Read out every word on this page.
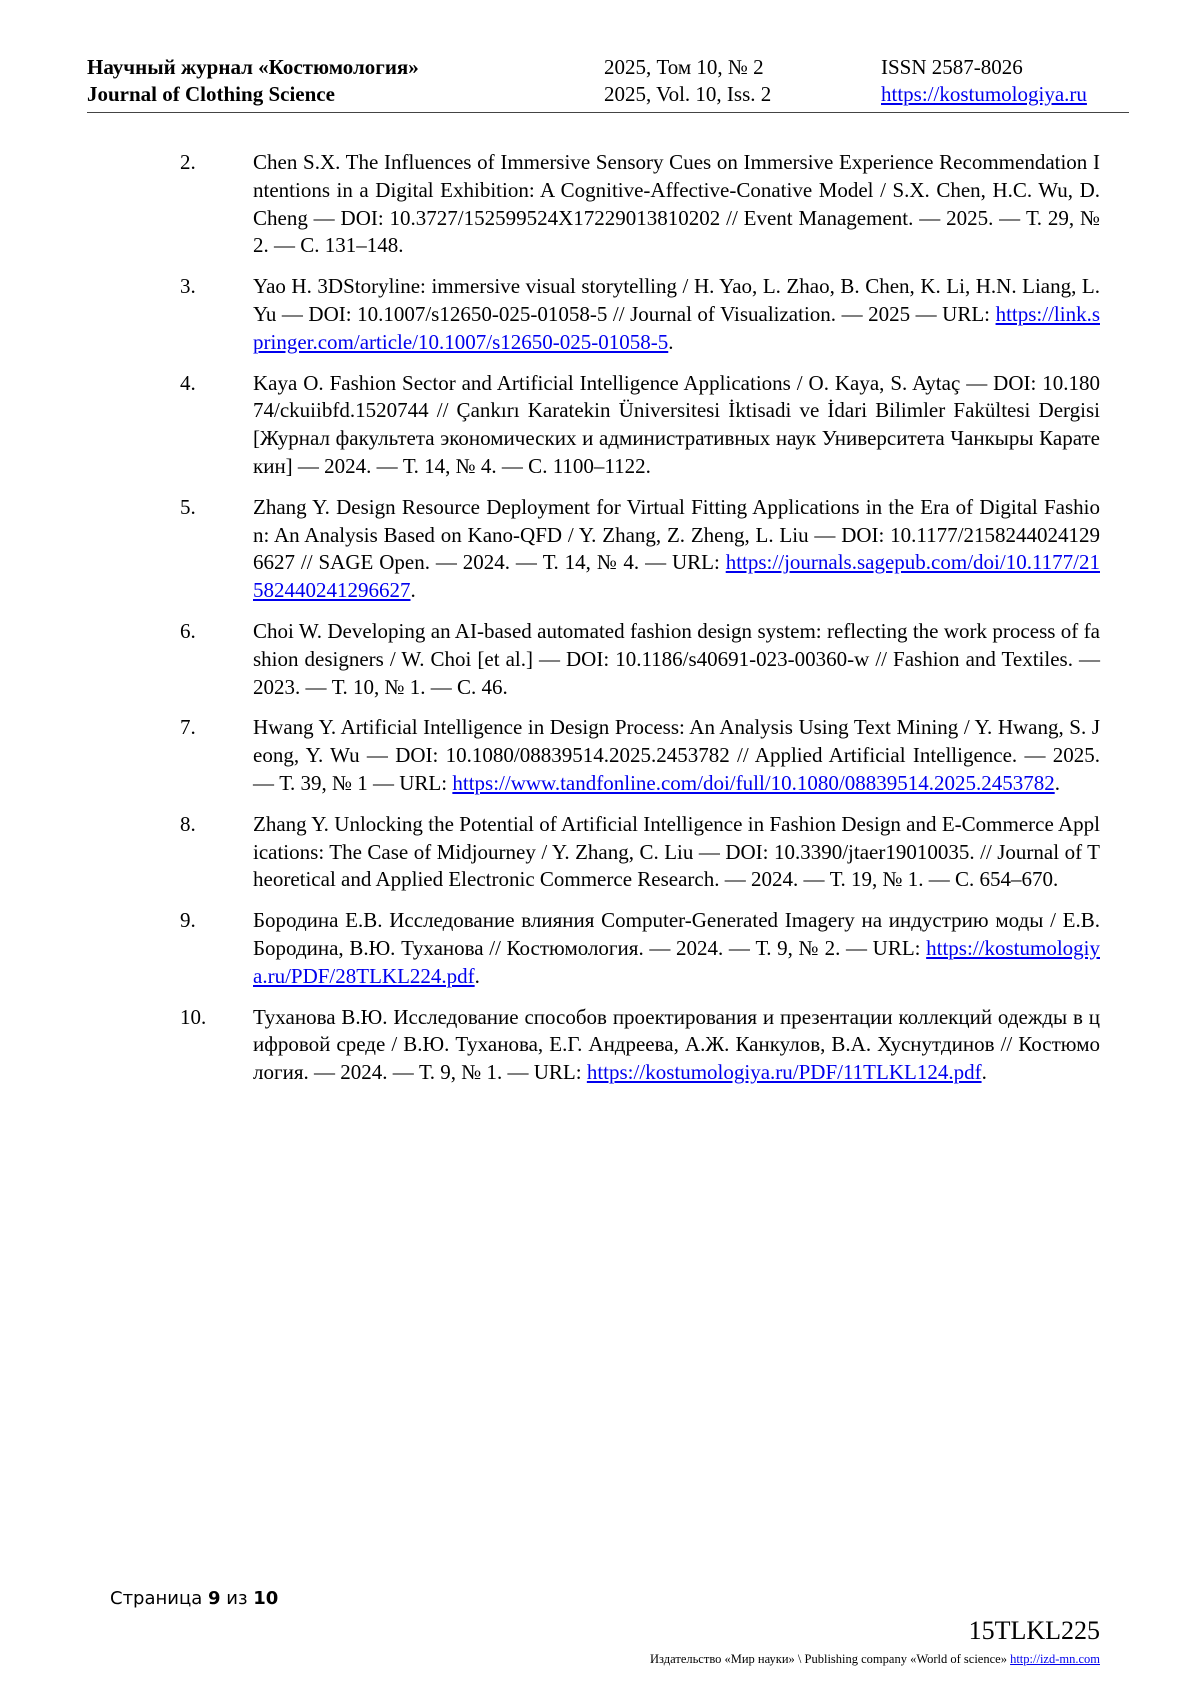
Научный журнал «Костюмология»
Journal of Clothing Science
2025, Том 10, № 2
2025, Vol. 10, Iss. 2
ISSN 2587-8026
https://kostumologiya.ru
2.	Chen S.X. The Influences of Immersive Sensory Cues on Immersive Experience Recommendation Intentions in a Digital Exhibition: A Cognitive-Affective-Conative Model / S.X. Chen, H.C. Wu, D. Cheng — DOI: 10.3727/152599524X17229013810202 // Event Management. — 2025. — Т. 29, № 2. — С. 131–148.
3.	Yao H. 3DStoryline: immersive visual storytelling / H. Yao, L. Zhao, B. Chen, K. Li, H.N. Liang, L. Yu — DOI: 10.1007/s12650-025-01058-5 // Journal of Visualization. — 2025 — URL: https://link.springer.com/article/10.1007/s12650-025-01058-5.
4.	Kaya O. Fashion Sector and Artificial Intelligence Applications / O. Kaya, S. Aytaç — DOI: 10.18074/ckuiibfd.1520744 // Çankırı Karatekin Üniversitesi İktisadi ve İdari Bilimler Fakültesi Dergisi [Журнал факультета экономических и административных наук Университета Чанкыры Каратекин] — 2024. — Т. 14, № 4. — С. 1100–1122.
5.	Zhang Y. Design Resource Deployment for Virtual Fitting Applications in the Era of Digital Fashion: An Analysis Based on Kano-QFD / Y. Zhang, Z. Zheng, L. Liu — DOI: 10.1177/21582440241296627 // SAGE Open. — 2024. — Т. 14, № 4. — URL: https://journals.sagepub.com/doi/10.1177/21582440241296627.
6.	Choi W. Developing an AI-based automated fashion design system: reflecting the work process of fashion designers / W. Choi [et al.] — DOI: 10.1186/s40691-023-00360-w // Fashion and Textiles. — 2023. — Т. 10, № 1. — С. 46.
7.	Hwang Y. Artificial Intelligence in Design Process: An Analysis Using Text Mining / Y. Hwang, S. Jeong, Y. Wu — DOI: 10.1080/08839514.2025.2453782 // Applied Artificial Intelligence. — 2025. — Т. 39, № 1 — URL: https://www.tandfonline.com/doi/full/10.1080/08839514.2025.2453782.
8.	Zhang Y. Unlocking the Potential of Artificial Intelligence in Fashion Design and E-Commerce Applications: The Case of Midjourney / Y. Zhang, C. Liu — DOI: 10.3390/jtaer19010035. // Journal of Theoretical and Applied Electronic Commerce Research. — 2024. — Т. 19, № 1. — С. 654–670.
9.	Бородина Е.В. Исследование влияния Computer-Generated Imagery на индустрию моды / Е.В. Бородина, В.Ю. Туханова // Костюмология. — 2024. — Т. 9, № 2. — URL: https://kostumologiya.ru/PDF/28TLKL224.pdf.
10. Туханова В.Ю. Исследование способов проектирования и презентации коллекций одежды в цифровой среде / В.Ю. Туханова, Е.Г. Андреева, А.Ж. Канкулов, В.А. Хуснутдинов // Костюмология. — 2024. — Т. 9, № 1. — URL: https://kostumologiya.ru/PDF/11TLKL124.pdf.
Страница 9 из 10
15TLKL225
Издательство «Мир науки» \ Publishing company «World of science» http://izd-mn.com
